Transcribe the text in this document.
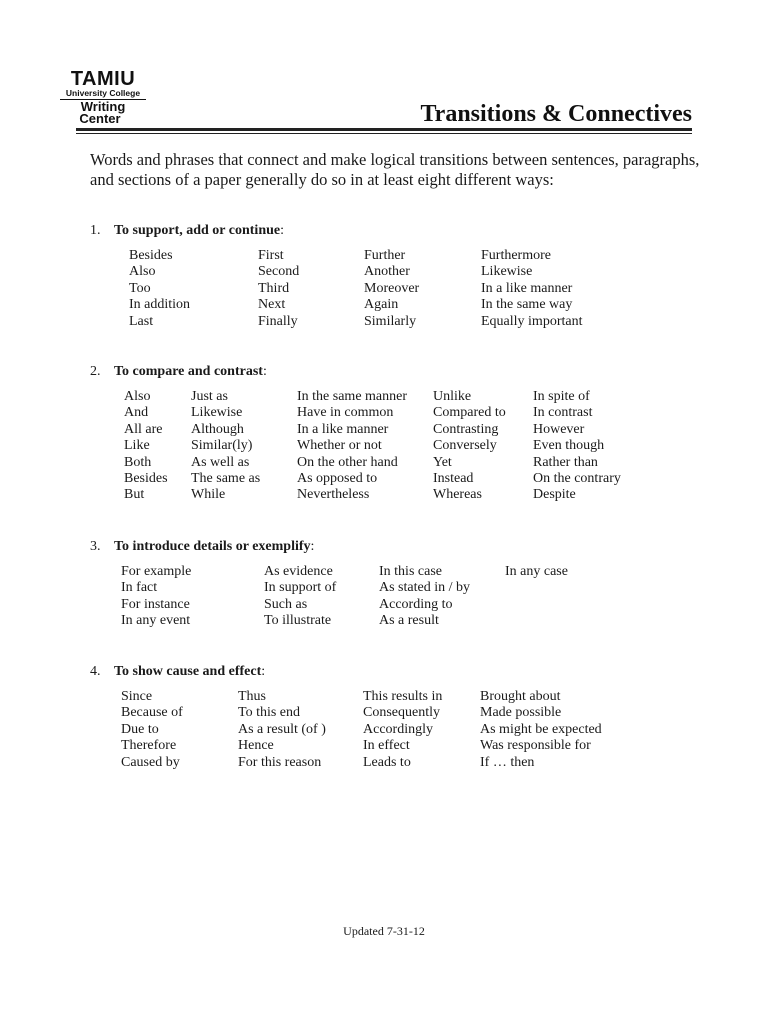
TAMIU
University College
Writing
Center	Transitions & Connectives

Words and phrases that connect and make logical transitions between sentences, paragraphs, and sections of a paper generally do so in at least eight different ways:

1. To support, add or continue:

Besides
Also
Too
In addition
Last
First
Second
Third
Next
Finally
Further
Another
Moreover
Again
Similarly
Furthermore
Likewise
In a like manner
In the same way
Equally important

2. To compare and contrast:

Also
And
All are
Like
Both
Besides
But
Just as
Likewise
Although
Similar(ly)
As well as
The same as
While
In the same manner
Have in common
In a like manner
Whether or not
On the other hand
As opposed to
Nevertheless
Unlike
Compared to
Contrasting
Conversely
Yet
Instead
Whereas
In spite of
In contrast
However
Even though
Rather than
On the contrary
Despite

3. To introduce details or exemplify:

For example
In fact
For instance
In any event
As evidence
In support of
Such as
To illustrate
In this case
As stated in / by
According to
As a result
In any case

4. To show cause and effect:

Since
Because of
Due to
Therefore
Caused by
Thus
To this end
As a result (of )
Hence
For this reason
This results in
Consequently
Accordingly
In effect
Leads to
Brought about
Made possible
As might be expected
Was responsible for
If … then
Updated 7-31-12
